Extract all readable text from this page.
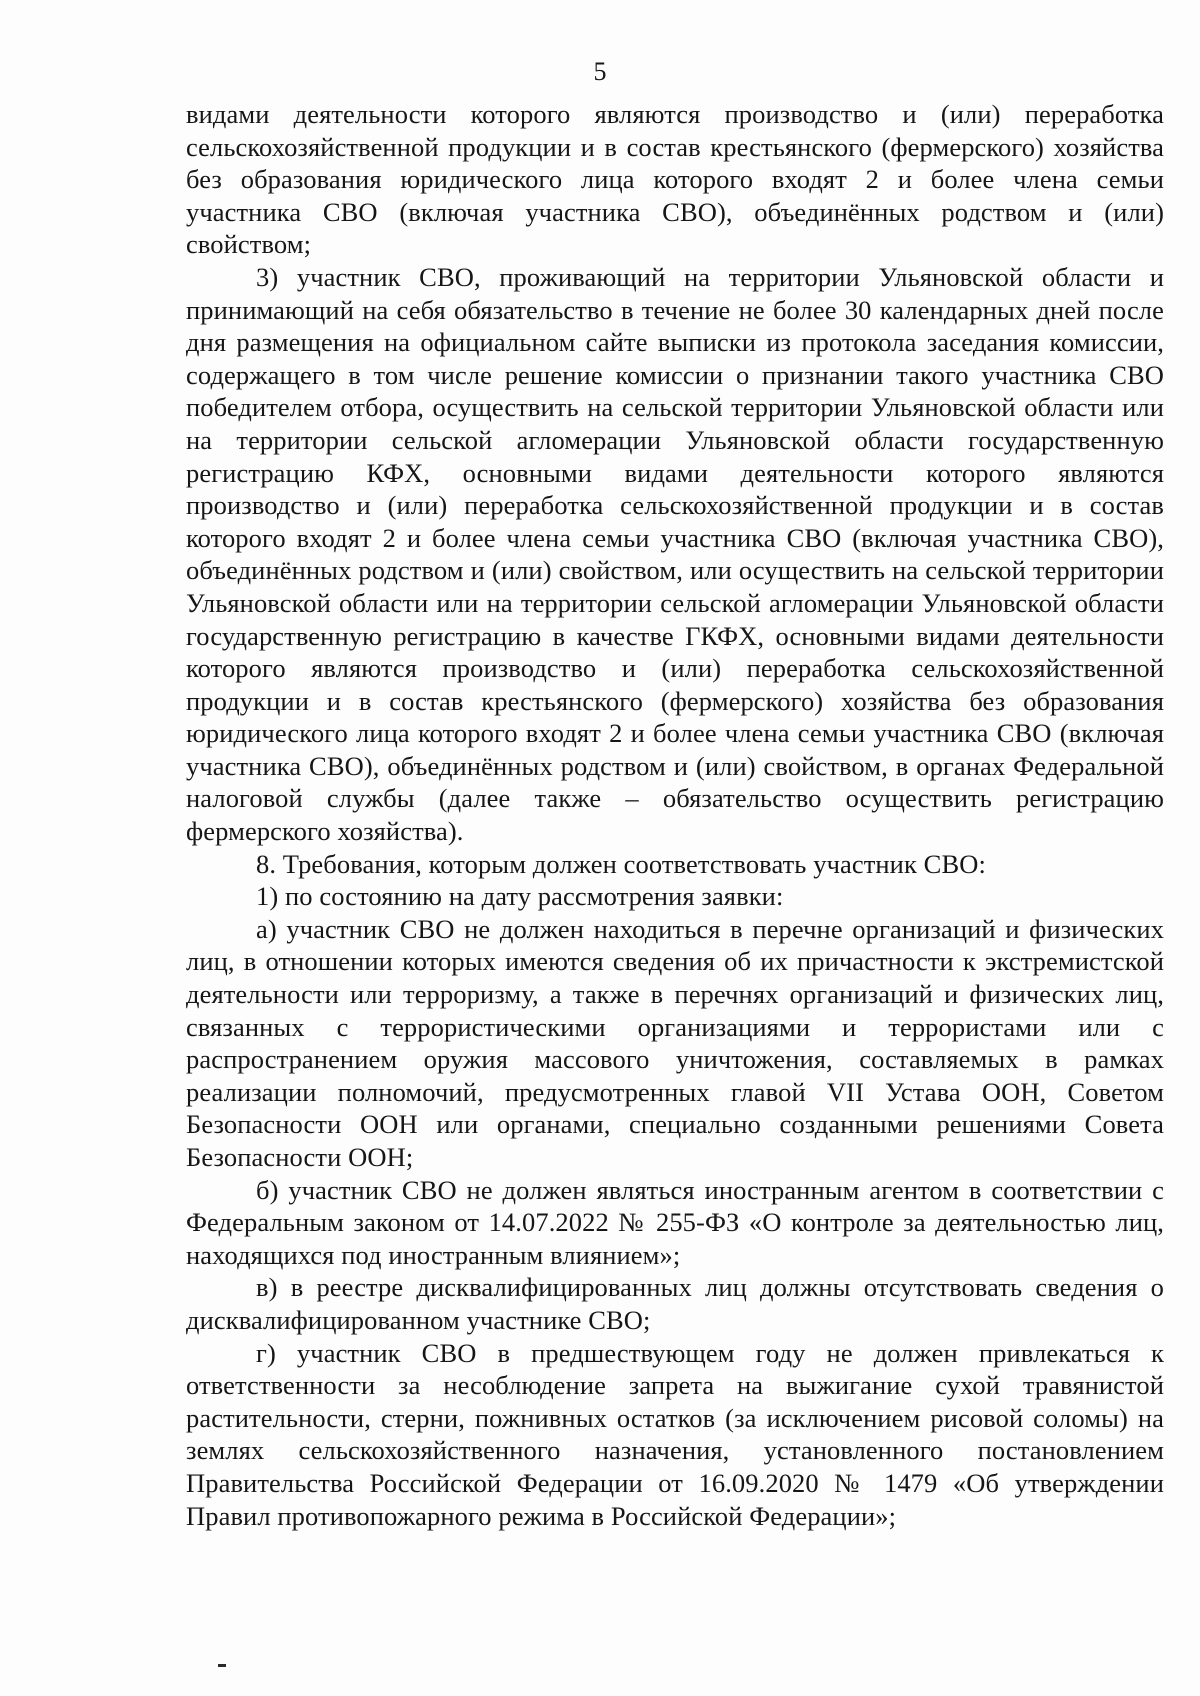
5

видами деятельности которого являются производство и (или) переработка сельскохозяйственной продукции и в состав крестьянского (фермерского) хозяйства без образования юридического лица которого входят 2 и более члена семьи участника СВО (включая участника СВО), объединённых родством и (или) свойством;

3) участник СВО, проживающий на территории Ульяновской области и принимающий на себя обязательство в течение не более 30 календарных дней после дня размещения на официальном сайте выписки из протокола заседания комиссии, содержащего в том числе решение комиссии о признании такого участника СВО победителем отбора, осуществить на сельской территории Ульяновской области или на территории сельской агломерации Ульяновской области государственную регистрацию КФХ, основными видами деятельности которого являются производство и (или) переработка сельскохозяйственной продукции и в состав которого входят 2 и более члена семьи участника СВО (включая участника СВО), объединённых родством и (или) свойством, или осуществить на сельской территории Ульяновской области или на территории сельской агломерации Ульяновской области государственную регистрацию в качестве ГКФХ, основными видами деятельности которого являются производство и (или) переработка сельскохозяйственной продукции и в состав крестьянского (фермерского) хозяйства без образования юридического лица которого входят 2 и более члена семьи участника СВО (включая участника СВО), объединённых родством и (или) свойством, в органах Федеральной налоговой службы (далее также – обязательство осуществить регистрацию фермерского хозяйства).

8. Требования, которым должен соответствовать участник СВО:

1) по состоянию на дату рассмотрения заявки:

а) участник СВО не должен находиться в перечне организаций и физических лиц, в отношении которых имеются сведения об их причастности к экстремистской деятельности или терроризму, а также в перечнях организаций и физических лиц, связанных с террористическими организациями и террористами или с распространением оружия массового уничтожения, составляемых в рамках реализации полномочий, предусмотренных главой VII Устава ООН, Советом Безопасности ООН или органами, специально созданными решениями Совета Безопасности ООН;

б) участник СВО не должен являться иностранным агентом в соответствии с Федеральным законом от 14.07.2022 № 255-ФЗ «О контроле за деятельностью лиц, находящихся под иностранным влиянием»;

в) в реестре дисквалифицированных лиц должны отсутствовать сведения о дисквалифицированном участнике СВО;

г) участник СВО в предшествующем году не должен привлекаться к ответственности за несоблюдение запрета на выжигание сухой травянистой растительности, стерни, пожнивных остатков (за исключением рисовой соломы) на землях сельскохозяйственного назначения, установленного постановлением Правительства Российской Федерации от 16.09.2020 № 1479 «Об утверждении Правил противопожарного режима в Российской Федерации»;
